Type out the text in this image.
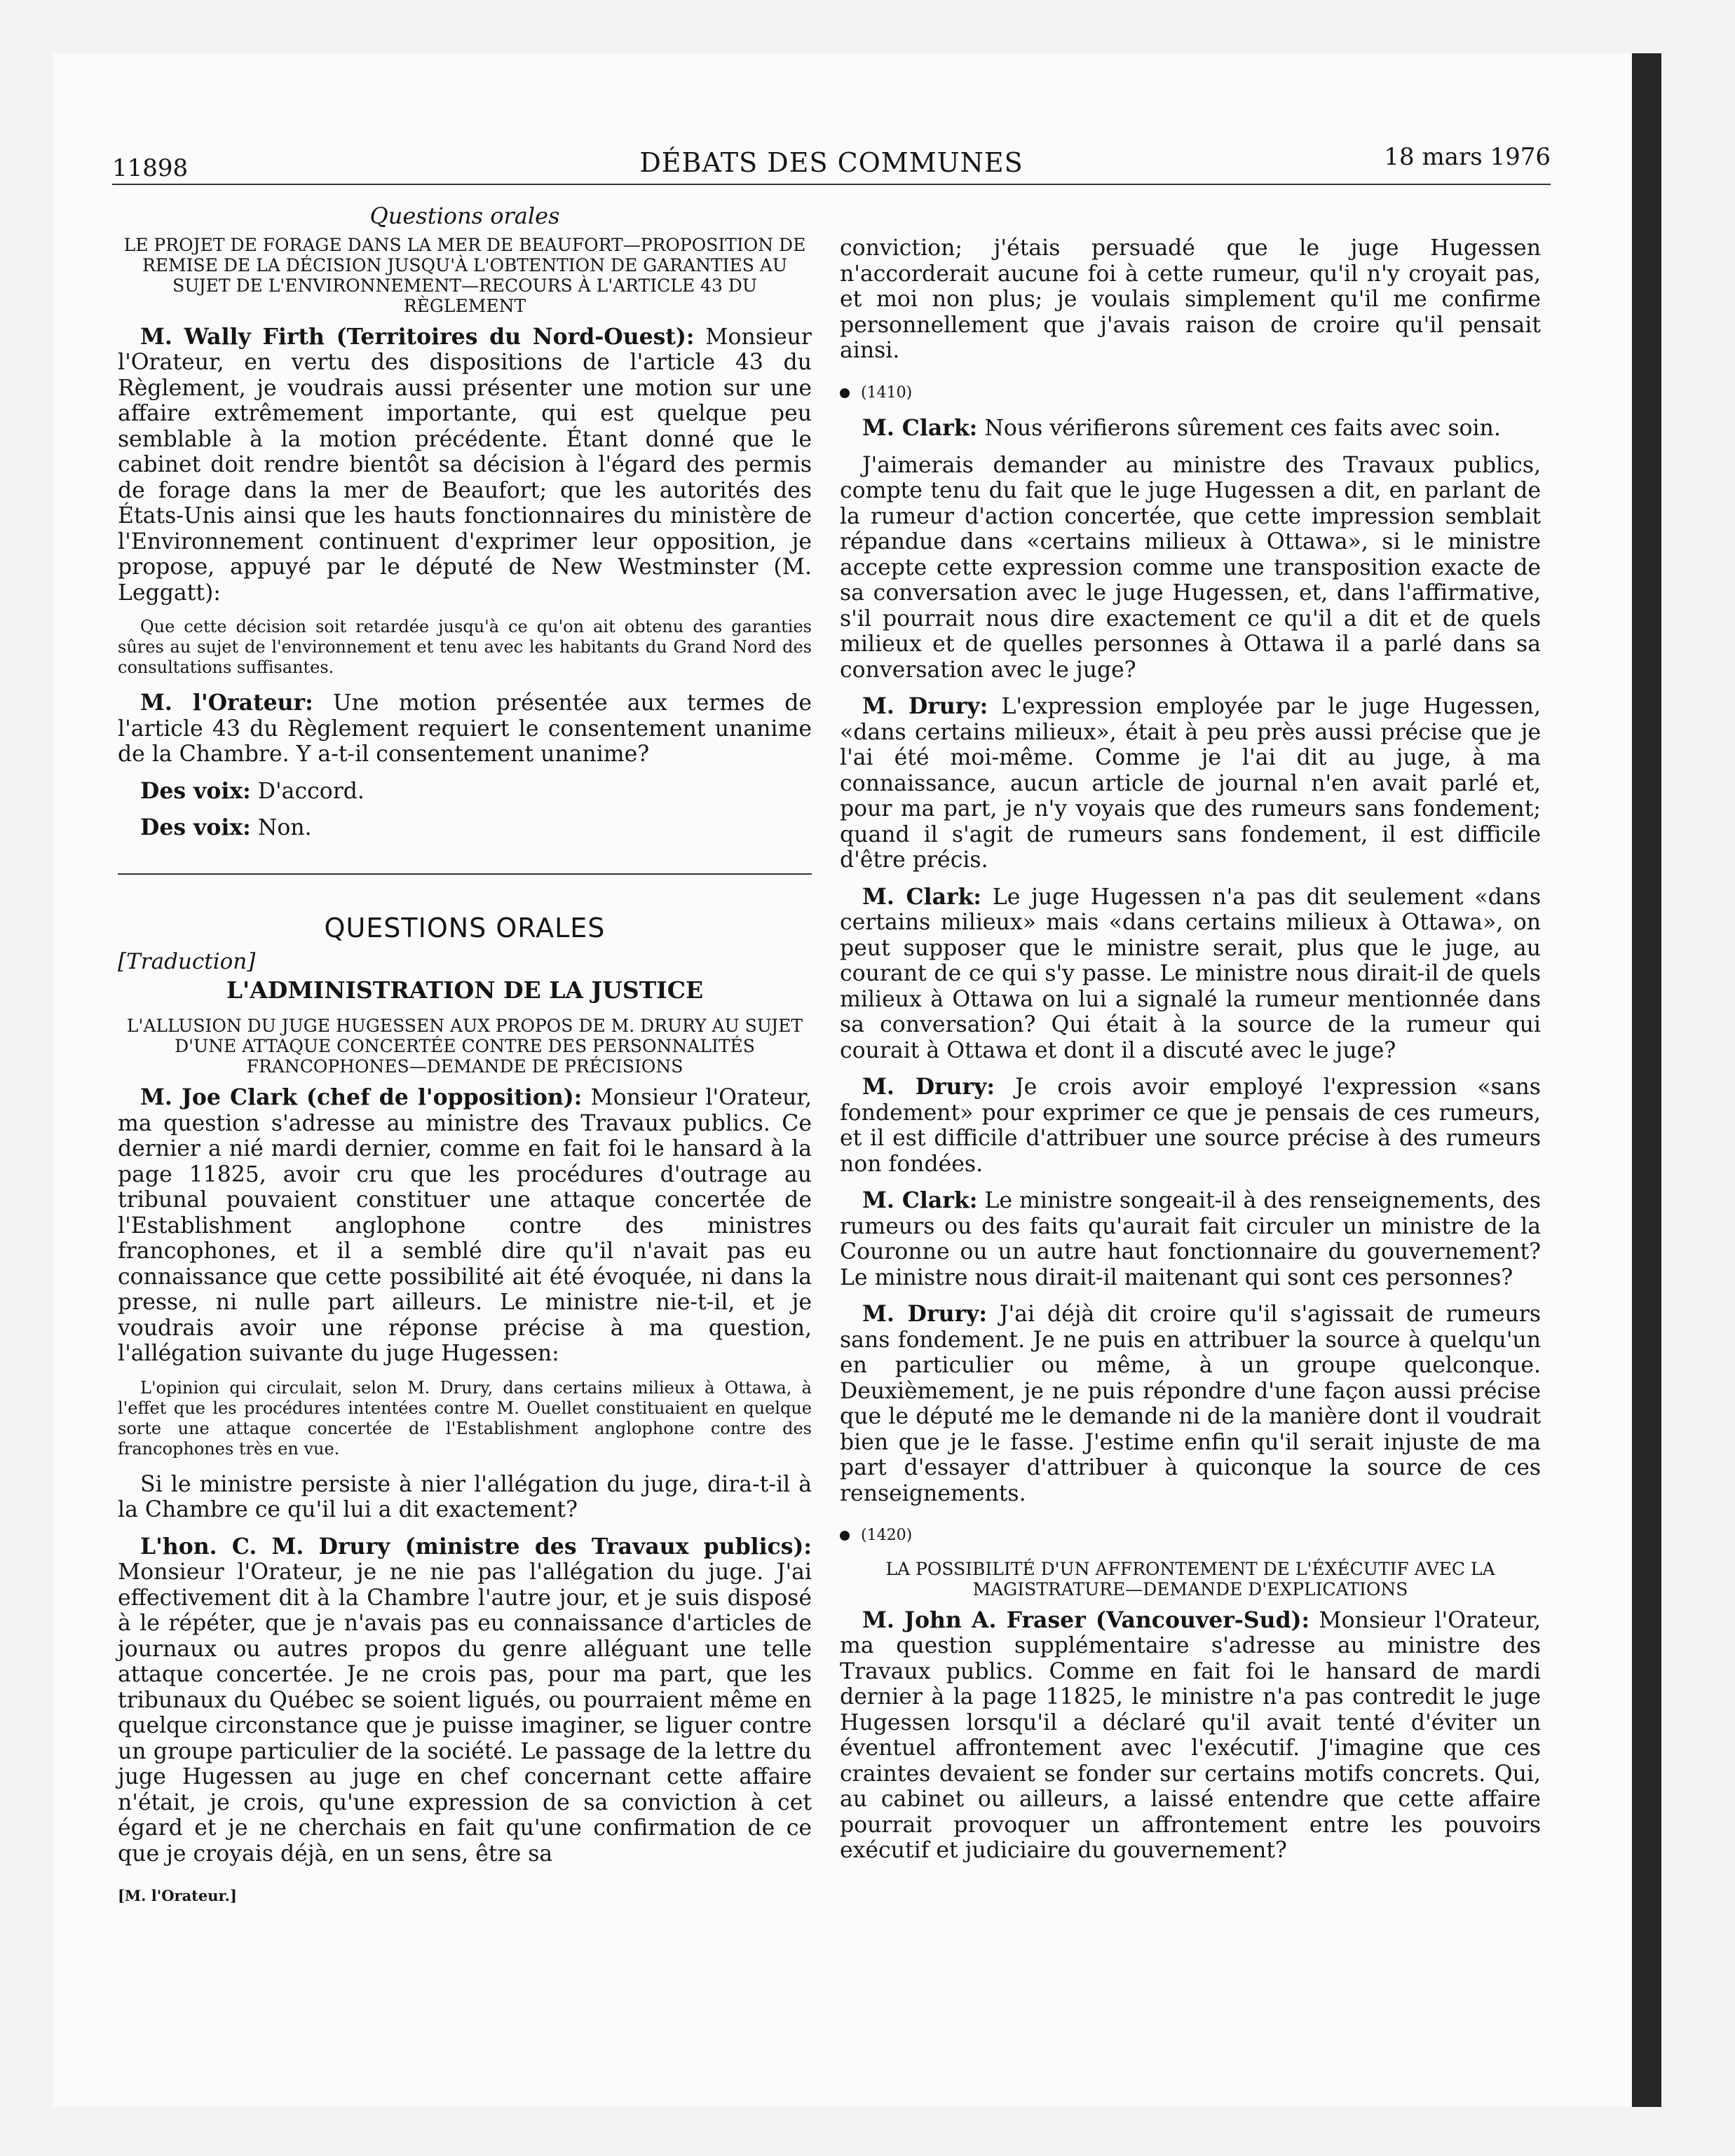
11898	DÉBATS DES COMMUNES	18 mars 1976
Questions orales
LE PROJET DE FORAGE DANS LA MER DE BEAUFORT—PROPOSITION DE REMISE DE LA DÉCISION JUSQU'À L'OBTENTION DE GARANTIES AU SUJET DE L'ENVIRONNEMENT—RECOURS À L'ARTICLE 43 DU RÈGLEMENT

M. Wally Firth (Territoires du Nord-Ouest): Monsieur l'Orateur, en vertu des dispositions de l'article 43 du Règlement, je voudrais aussi présenter une motion sur une affaire extrêmement importante, qui est quelque peu semblable à la motion précédente. Étant donné que le cabinet doit rendre bientôt sa décision à l'égard des permis de forage dans la mer de Beaufort; que les autorités des États-Unis ainsi que les hauts fonctionnaires du ministère de l'Environnement continuent d'exprimer leur opposition, je propose, appuyé par le député de New Westminster (M. Leggatt):

Que cette décision soit retardée jusqu'à ce qu'on ait obtenu des garanties sûres au sujet de l'environnement et tenu avec les habitants du Grand Nord des consultations suffisantes.

M. l'Orateur: Une motion présentée aux termes de l'article 43 du Règlement requiert le consentement unanime de la Chambre. Y a-t-il consentement unanime?

Des voix: D'accord.

Des voix: Non.

QUESTIONS ORALES
[Traduction]
L'ADMINISTRATION DE LA JUSTICE
L'ALLUSION DU JUGE HUGESSEN AUX PROPOS DE M. DRURY AU SUJET D'UNE ATTAQUE CONCERTÉE CONTRE DES PERSONNALITÉS FRANCOPHONES—DEMANDE DE PRÉCISIONS

M. Joe Clark (chef de l'opposition): Monsieur l'Orateur, ma question s'adresse au ministre des Travaux publics. Ce dernier a nié mardi dernier, comme en fait foi le hansard à la page 11825, avoir cru que les procédures d'outrage au tribunal pouvaient constituer une attaque concertée de l'Establishment anglophone contre des ministres francophones, et il a semblé dire qu'il n'avait pas eu connaissance que cette possibilité ait été évoquée, ni dans la presse, ni nulle part ailleurs. Le ministre nie-t-il, et je voudrais avoir une réponse précise à ma question, l'allégation suivante du juge Hugessen:

L'opinion qui circulait, selon M. Drury, dans certains milieux à Ottawa, à l'effet que les procédures intentées contre M. Ouellet constituaient en quelque sorte une attaque concertée de l'Establishment anglophone contre des francophones très en vue.

Si le ministre persiste à nier l'allégation du juge, dira-t-il à la Chambre ce qu'il lui a dit exactement?

L'hon. C. M. Drury (ministre des Travaux publics): Monsieur l'Orateur, je ne nie pas l'allégation du juge. J'ai effectivement dit à la Chambre l'autre jour, et je suis disposé à le répéter, que je n'avais pas eu connaissance d'articles de journaux ou autres propos du genre alléguant une telle attaque concertée. Je ne crois pas, pour ma part, que les tribunaux du Québec se soient ligués, ou pourraient même en quelque circonstance que je puisse imaginer, se liguer contre un groupe particulier de la société. Le passage de la lettre du juge Hugessen au juge en chef concernant cette affaire n'était, je crois, qu'une expression de sa conviction à cet égard et je ne cherchais en fait qu'une confirmation de ce que je croyais déjà, en un sens, être sa

[M. l'Orateur.]

conviction; j'étais persuadé que le juge Hugessen n'accorderait aucune foi à cette rumeur, qu'il n'y croyait pas, et moi non plus; je voulais simplement qu'il me confirme personnellement que j'avais raison de croire qu'il pensait ainsi.

(1410)

M. Clark: Nous vérifierons sûrement ces faits avec soin.

J'aimerais demander au ministre des Travaux publics, compte tenu du fait que le juge Hugessen a dit, en parlant de la rumeur d'action concertée, que cette impression semblait répandue dans «certains milieux à Ottawa», si le ministre accepte cette expression comme une transposition exacte de sa conversation avec le juge Hugessen, et, dans l'affirmative, s'il pourrait nous dire exactement ce qu'il a dit et de quels milieux et de quelles personnes à Ottawa il a parlé dans sa conversation avec le juge?

M. Drury: L'expression employée par le juge Hugessen, «dans certains milieux», était à peu près aussi précise que je l'ai été moi-même. Comme je l'ai dit au juge, à ma connaissance, aucun article de journal n'en avait parlé et, pour ma part, je n'y voyais que des rumeurs sans fondement; quand il s'agit de rumeurs sans fondement, il est difficile d'être précis.

M. Clark: Le juge Hugessen n'a pas dit seulement «dans certains milieux» mais «dans certains milieux à Ottawa», on peut supposer que le ministre serait, plus que le juge, au courant de ce qui s'y passe. Le ministre nous dirait-il de quels milieux à Ottawa on lui a signalé la rumeur mentionnée dans sa conversation? Qui était à la source de la rumeur qui courait à Ottawa et dont il a discuté avec le juge?

M. Drury: Je crois avoir employé l'expression «sans fondement» pour exprimer ce que je pensais de ces rumeurs, et il est difficile d'attribuer une source précise à des rumeurs non fondées.

M. Clark: Le ministre songeait-il à des renseignements, des rumeurs ou des faits qu'aurait fait circuler un ministre de la Couronne ou un autre haut fonctionnaire du gouvernement? Le ministre nous dirait-il maitenant qui sont ces personnes?

M. Drury: J'ai déjà dit croire qu'il s'agissait de rumeurs sans fondement. Je ne puis en attribuer la source à quelqu'un en particulier ou même, à un groupe quelconque. Deuxièmement, je ne puis répondre d'une façon aussi précise que le député me le demande ni de la manière dont il voudrait bien que je le fasse. J'estime enfin qu'il serait injuste de ma part d'essayer d'attribuer à quiconque la source de ces renseignements.

(1420)
LA POSSIBILITÉ D'UN AFFRONTEMENT DE L'ÉXÉCUTIF AVEC LA MAGISTRATURE—DEMANDE D'EXPLICATIONS

M. John A. Fraser (Vancouver-Sud): Monsieur l'Orateur, ma question supplémentaire s'adresse au ministre des Travaux publics. Comme en fait foi le hansard de mardi dernier à la page 11825, le ministre n'a pas contredit le juge Hugessen lorsqu'il a déclaré qu'il avait tenté d'éviter un éventuel affrontement avec l'exécutif. J'imagine que ces craintes devaient se fonder sur certains motifs concrets. Qui, au cabinet ou ailleurs, a laissé entendre que cette affaire pourrait provoquer un affrontement entre les pouvoirs exécutif et judiciaire du gouvernement?
